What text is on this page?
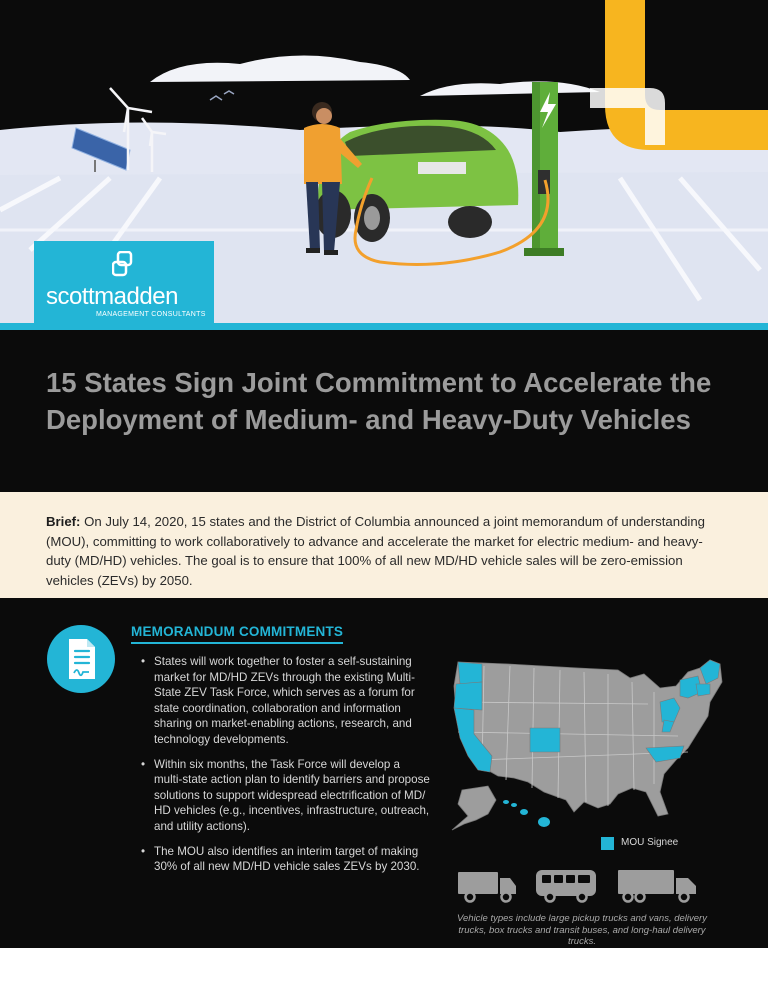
scottmadden
MANAGEMENT CONSULTANTS
15 States Sign Joint Commitment to Accelerate the Deployment of Medium- and Heavy-Duty Vehicles

Brief: On July 14, 2020, 15 states and the District of Columbia announced a joint memorandum of understanding (MOU), committing to work collaboratively to advance and accelerate the market for electric medium- and heavy-duty (MD/HD) vehicles. The goal is to ensure that 100% of all new MD/HD vehicle sales will be zero-emission vehicles (ZEVs) by 2050.

MEMORANDUM COMMITMENTS
• States will work together to foster a self-sustaining market for MD/HD ZEVs through the existing Multi-State ZEV Task Force, which serves as a forum for state coordination, collaboration and information sharing on market-enabling actions, research, and technology developments.
• Within six months, the Task Force will develop a multi-state action plan to identify barriers and propose solutions to support widespread electrification of MD/ HD vehicles (e.g., incentives, infrastructure, outreach, and utility actions).
• The MOU also identifies an interim target of making 30% of all new MD/HD vehicle sales ZEVs by 2030.
MOU Signee

Vehicle types include large pickup trucks and vans, delivery trucks, box trucks and transit buses, and long-haul delivery trucks.
